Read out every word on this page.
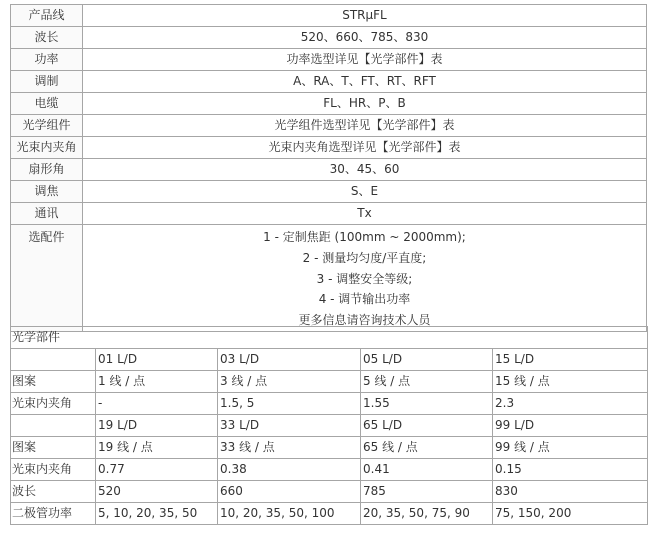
产品线	STRμFL
波长	520、660、785、830
功率	功率选型详见【光学部件】表
调制	A、RA、T、FT、RT、RFT
电缆	FL、HR、P、B
光学组件	光学组件选型详见【光学部件】表
光束内夹角	光束内夹角选型详见【光学部件】表
扇形角	30、45、60
调焦	S、E
通讯	Tx
选配件	1 - 定制焦距 (100mm ~ 2000mm);
2 - 测量均匀度/平直度;
3 - 调整安全等级;
4 - 调节输出功率
更多信息请咨询技术人员
光学部件				
	01 L/D	03 L/D	05 L/D	15 L/D
图案	1 线 / 点	3 线 / 点	5 线 / 点	15 线 / 点
光束内夹角	-	1.5, 5	1.55	2.3
	19 L/D	33 L/D	65 L/D	99 L/D
图案	19 线 / 点	33 线 / 点	65 线 / 点	99 线 / 点
光束内夹角	0.77	0.38	0.41	0.15
波长	520	660	785	830
二极管功率	5, 10, 20, 35, 50	10, 20, 35, 50, 100	20, 35, 50, 75, 90	75, 150, 200
